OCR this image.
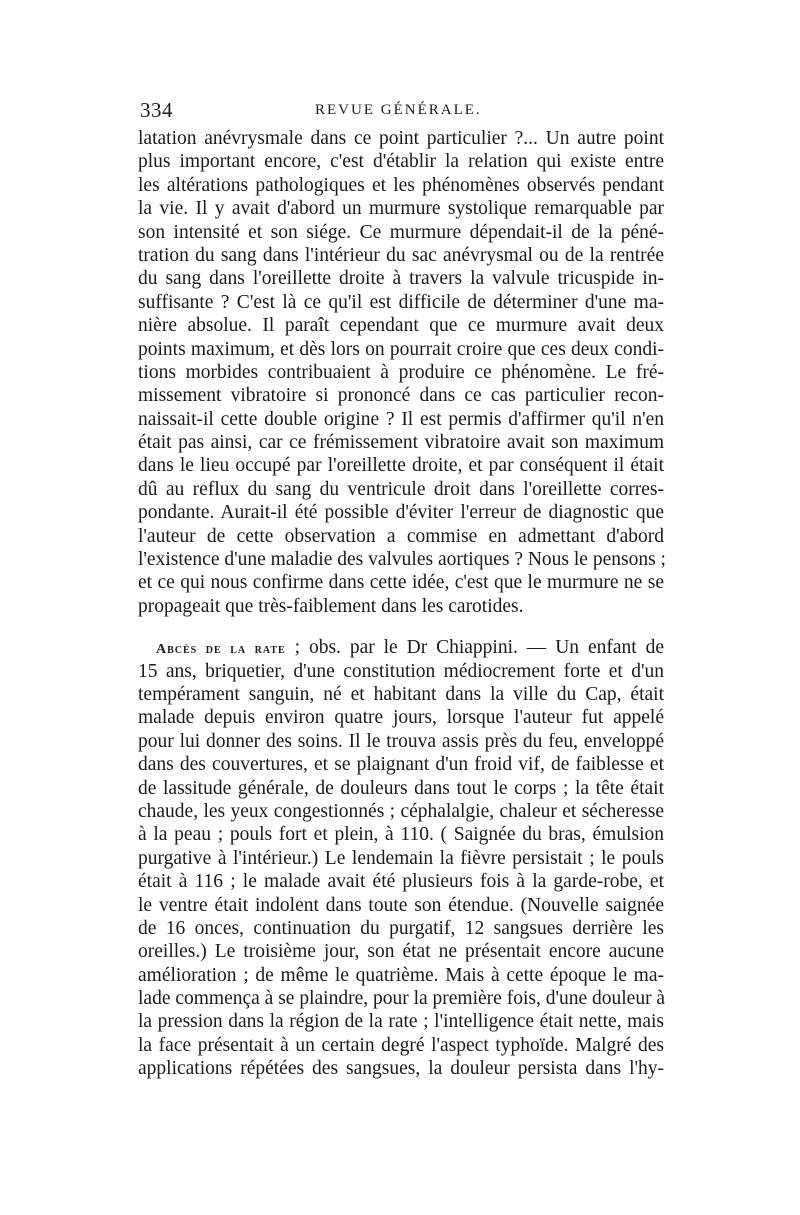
334	REVUE GÉNÉRALE.
latation anévrysmale dans ce point particulier ?... Un autre point
plus important encore, c'est d'établir la relation qui existe entre
les altérations pathologiques et les phénomènes observés pendant
la vie. Il y avait d'abord un murmure systolique remarquable par
son intensité et son siége. Ce murmure dépendait-il de la péné-
tration du sang dans l'intérieur du sac anévrysmal ou de la rentrée
du sang dans l'oreillette droite à travers la valvule tricuspide in-
suffisante ? C'est là ce qu'il est difficile de déterminer d'une ma-
nière absolue. Il paraît cependant que ce murmure avait deux
points maximum, et dès lors on pourrait croire que ces deux condi-
tions morbides contribuaient à produire ce phénomène. Le fré-
missement vibratoire si prononcé dans ce cas particulier recon-
naissait-il cette double origine ? Il est permis d'affirmer qu'il n'en
était pas ainsi, car ce frémissement vibratoire avait son maximum
dans le lieu occupé par l'oreillette droite, et par conséquent il était
dû au reflux du sang du ventricule droit dans l'oreillette corres-
pondante. Aurait-il été possible d'éviter l'erreur de diagnostic que
l'auteur de cette observation a commise en admettant d'abord
l'existence d'une maladie des valvules aortiques ? Nous le pensons ;
et ce qui nous confirme dans cette idée, c'est que le murmure ne se
propageait que très-faiblement dans les carotides.
Abcès de la rate ; obs. par le Dr Chiappini. — Un enfant de
15 ans, briquetier, d'une constitution médiocrement forte et d'un
tempérament sanguin, né et habitant dans la ville du Cap, était
malade depuis environ quatre jours, lorsque l'auteur fut appelé
pour lui donner des soins. Il le trouva assis près du feu, enveloppé
dans des couvertures, et se plaignant d'un froid vif, de faiblesse et
de lassitude générale, de douleurs dans tout le corps ; la tête était
chaude, les yeux congestionnés ; céphalalgie, chaleur et sécheresse
à la peau ; pouls fort et plein, à 110. ( Saignée du bras, émulsion
purgative à l'intérieur.) Le lendemain la fièvre persistait ; le pouls
était à 116 ; le malade avait été plusieurs fois à la garde-robe, et
le ventre était indolent dans toute son étendue. (Nouvelle saignée
de 16 onces, continuation du purgatif, 12 sangsues derrière les
oreilles.) Le troisième jour, son état ne présentait encore aucune
amélioration ; de même le quatrième. Mais à cette époque le ma-
lade commença à se plaindre, pour la première fois, d'une douleur à
la pression dans la région de la rate ; l'intelligence était nette, mais
la face présentait à un certain degré l'aspect typhoïde. Malgré des
applications répétées des sangsues, la douleur persista dans l'hy-
